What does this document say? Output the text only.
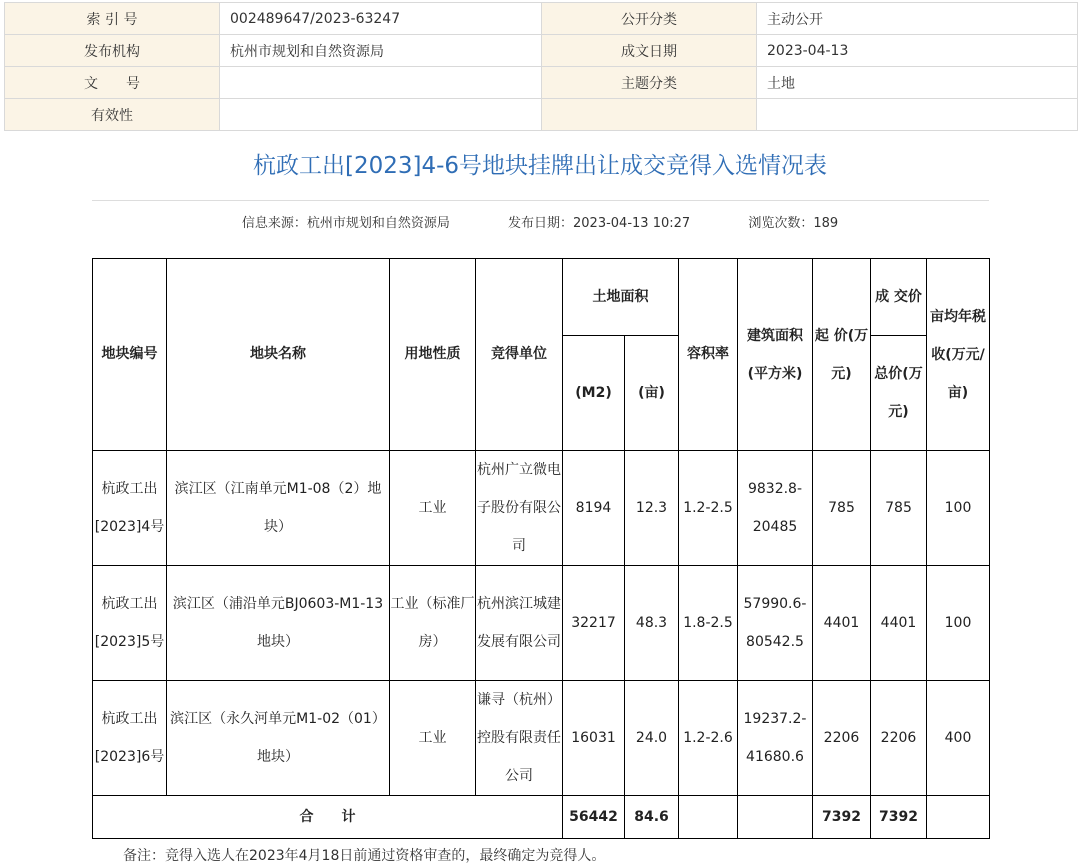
索 引 号	002489647/2023-63247	公开分类	主动公开
发布机构	杭州市规划和自然资源局	成文日期	2023-04-13
文　　号		主题分类	土地
有效性			
杭政工出[2023]4-6号地块挂牌出让成交竞得入选情况表
信息来源：杭州市规划和自然资源局	发布日期：2023-04-13 10:27	浏览次数：189
地块编号	地块名称	用地性质	竞得单位	土地面积		容积率	建筑面积(平方米)	起 价(万元)	成 交价	亩均年税收(万元/亩)
				(M2)	(亩)				总价(万元)	
杭政工出[2023]4号	滨江区（江南单元M1-08（2）地块）	工业	杭州广立微电子股份有限公司	8194	12.3	1.2-2.5	9832.8-20485	785	785	100
杭政工出[2023]5号	滨江区（浦沿单元BJ0603-M1-13地块）	工业（标准厂房）	杭州滨江城建发展有限公司	32217	48.3	1.8-2.5	57990.6-80542.5	4401	4401	100
杭政工出[2023]6号	滨江区（永久河单元M1-02（01）地块）	工业	谦寻（杭州）控股有限责任公司	16031	24.0	1.2-2.6	19237.2-41680.6	2206	2206	400
合　　计				56442	84.6			7392	7392	
备注：竞得入选人在2023年4月18日前通过资格审查的，最终确定为竞得人。
